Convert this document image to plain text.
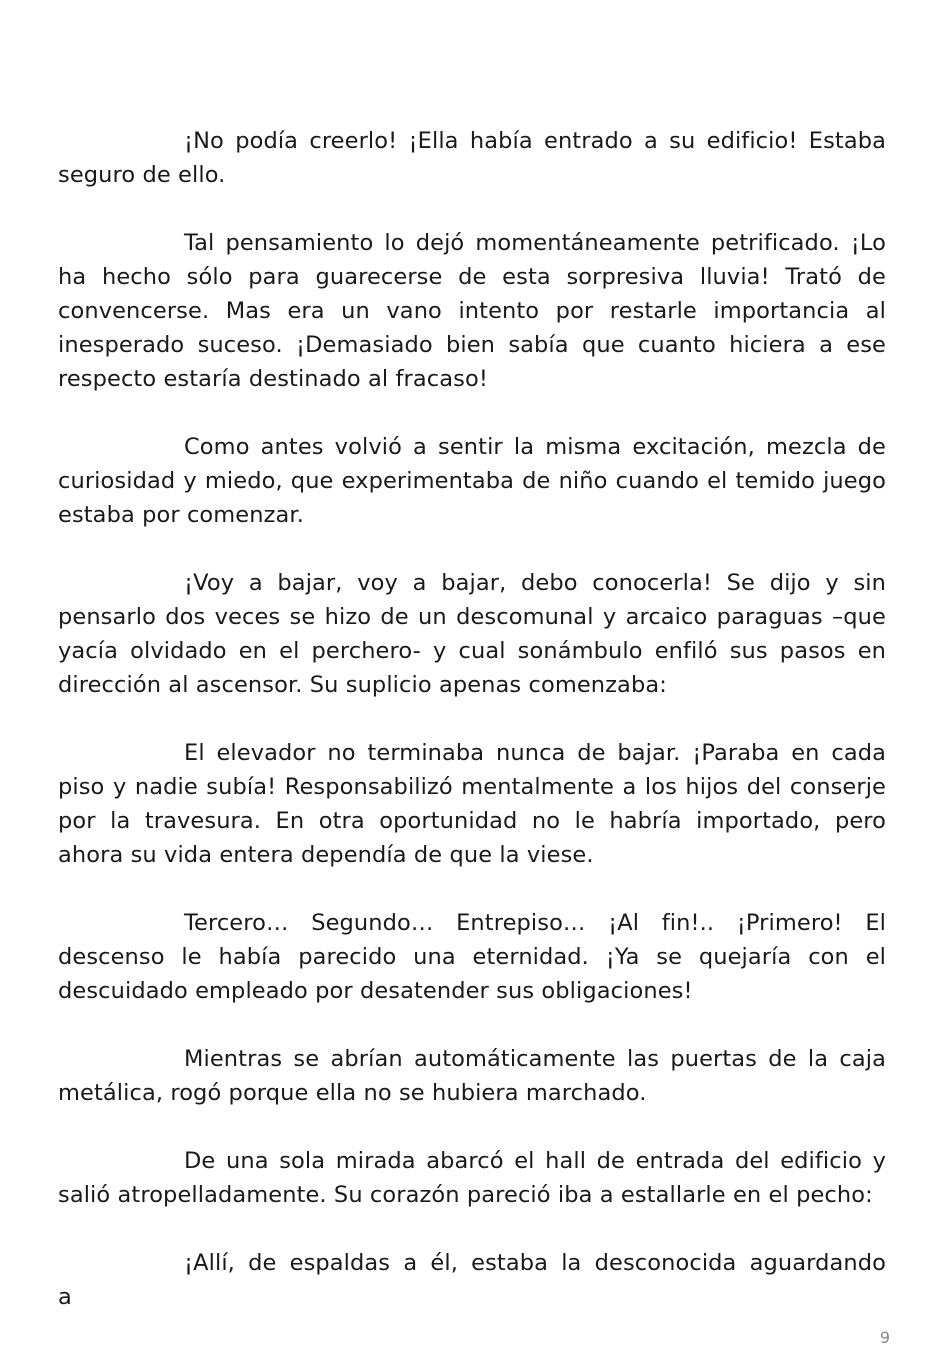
¡No podía creerlo! ¡Ella había entrado a su edificio! Estaba seguro de ello.

Tal pensamiento lo dejó momentáneamente petrificado. ¡Lo ha hecho sólo para guarecerse de esta sorpresiva lluvia! Trató de convencerse. Mas era un vano intento por restarle importancia al inesperado suceso. ¡Demasiado bien sabía que cuanto hiciera a ese respecto estaría destinado al fracaso!

Como antes volvió a sentir la misma excitación, mezcla de curiosidad y miedo, que experimentaba de niño cuando el temido juego estaba por comenzar.

¡Voy a bajar, voy a bajar, debo conocerla! Se dijo y sin pensarlo dos veces se hizo de un descomunal y arcaico paraguas –que yacía olvidado en el perchero- y cual sonámbulo enfiló sus pasos en dirección al ascensor. Su suplicio apenas comenzaba:

El elevador no terminaba nunca de bajar. ¡Paraba en cada piso y nadie subía! Responsabilizó mentalmente a los hijos del conserje por la travesura. En otra oportunidad no le habría importado, pero ahora su vida entera dependía de que la viese.

Tercero… Segundo… Entrepiso… ¡Al fin!.. ¡Primero! El descenso le había parecido una eternidad. ¡Ya se quejaría con el descuidado empleado por desatender sus obligaciones!

Mientras se abrían automáticamente las puertas de la caja metálica, rogó porque ella no se hubiera marchado.

De una sola mirada abarcó el hall de entrada del edificio y salió atropelladamente. Su corazón pareció iba a estallarle en el pecho:

¡Allí, de espaldas a él, estaba la desconocida aguardando a

9
